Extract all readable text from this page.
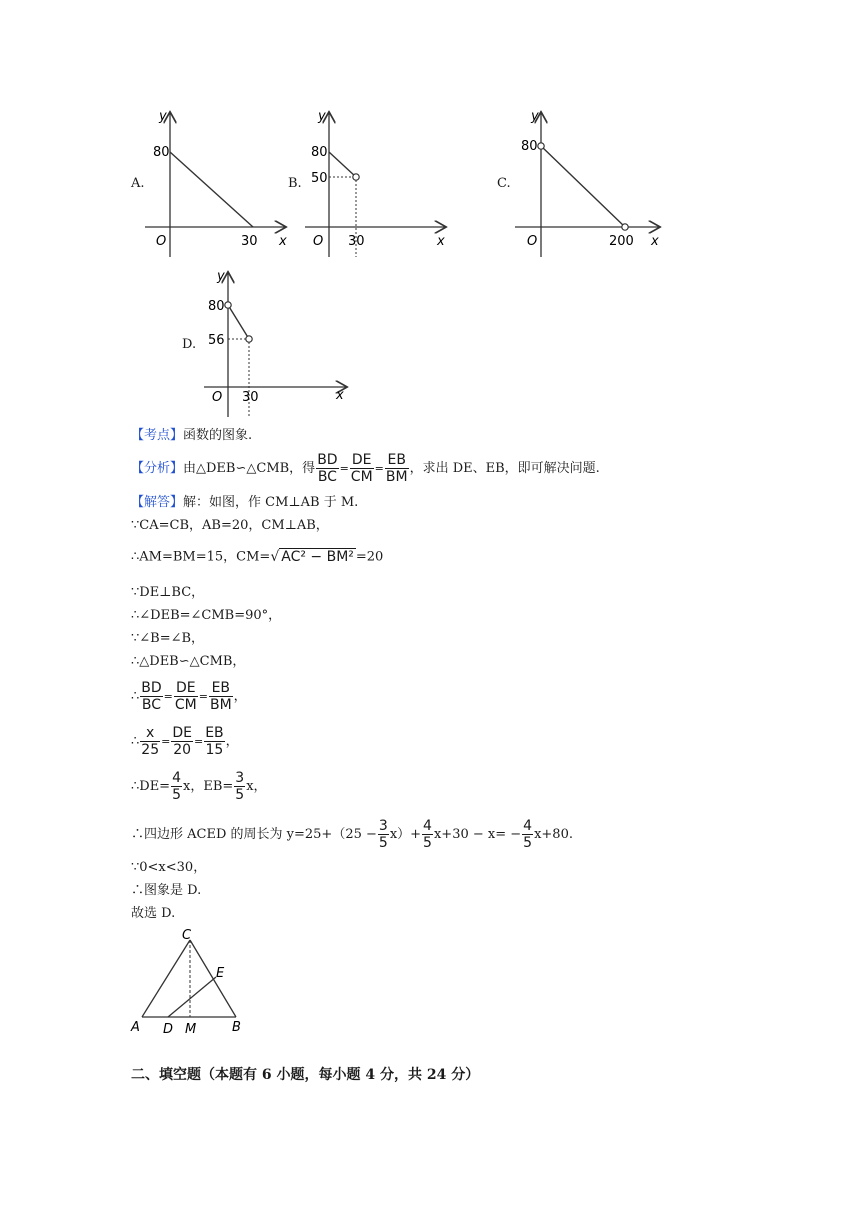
A.	B.	C.
D.
80
O	30 x
y
80
50
O 30	x
y
80
O	200 x
y
80
56
O 30	x
y
【考点】函数的图象.
【分析】由△DEB∽△CMB，得 $\frac{BD}{BC} = \frac{DE}{CM} = \frac{EB}{BM}$ ，求出 DE、EB，即可解决问题.
【解答】解：如图，作 CM⊥AB 于 M.
∵CA=CB，AB=20，CM⊥AB，
∴AM=BM=15，CM=√ AC² − BM² =20
∵DE⊥BC，
∴∠DEB=∠CMB=90°，
∵∠B=∠B，
∴△DEB∽△CMB，
∴ $\frac{BD}{BC} = \frac{DE}{CM} = \frac{EB}{BM}$ ，
∴ $\frac{x}{25} = \frac{DE}{20} = \frac{EB}{15}$ ，
∴DE= $\frac{4}{5}$ x，$EB= \frac{3}{5}$ x，
∴四边形 ACED 的周长为 $y=25+(25 - \frac{3}{5} x)+ \frac{4}{5} x+30 - x= - \frac{4}{5} x+80$.
∵0<x<30，
∴图象是 D.
故选 D.
C
E
A D M	B
二、填空题（本题有 6 小题，每小题 4 分，共 24 分）
